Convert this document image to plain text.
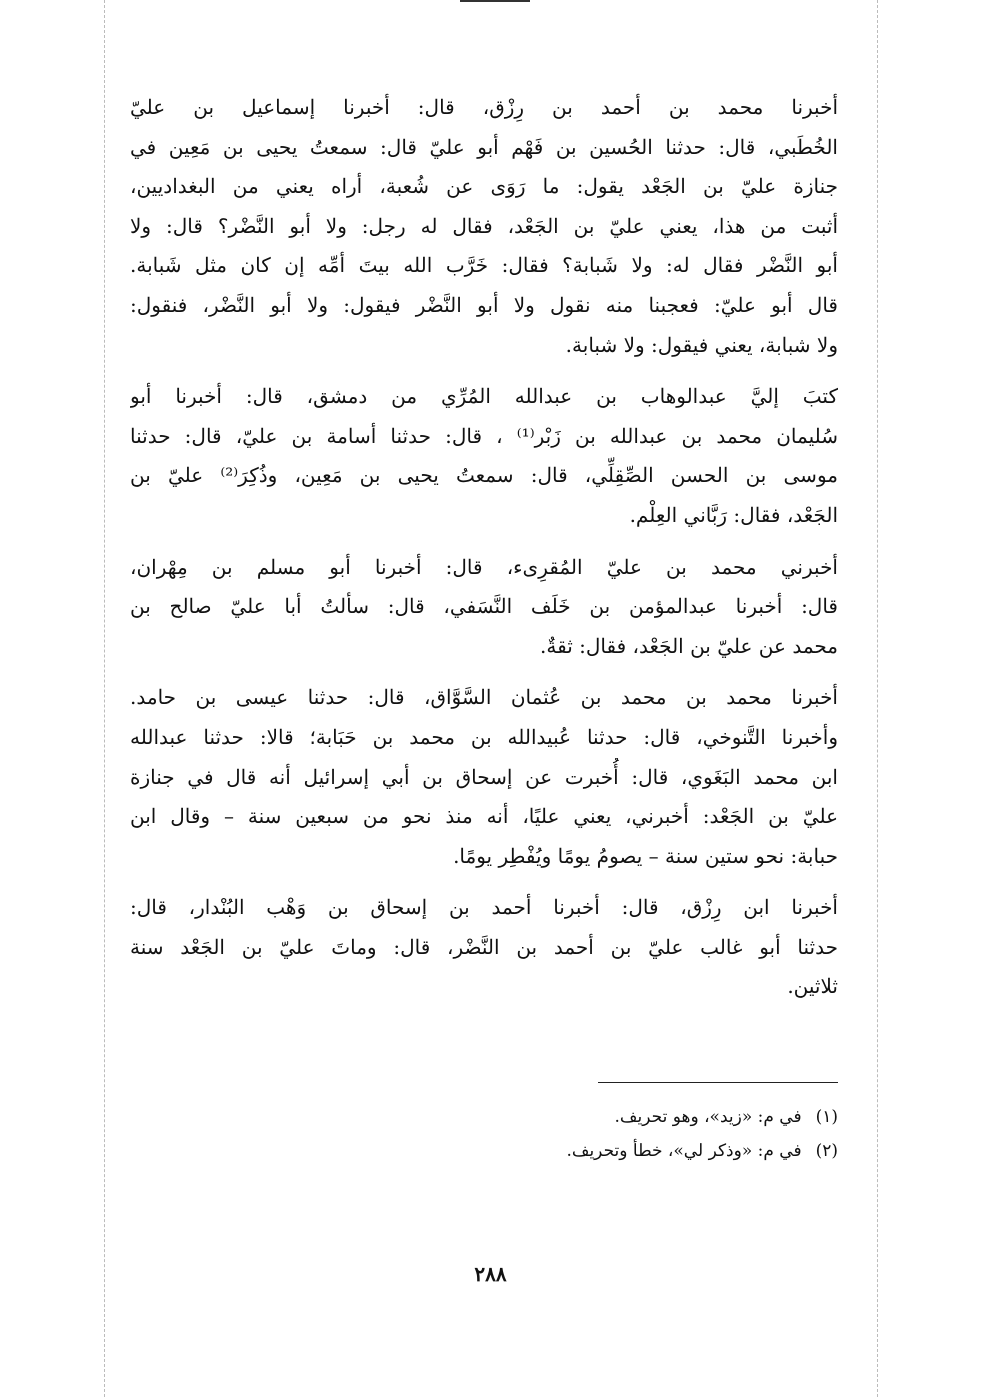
أخبرنا محمد بن أحمد بن رِزْق، قال: أخبرنا إسماعيل بن عليّ
الخُطَبي، قال: حدثنا الحُسين بن فَهْم أبو عليّ قال: سمعتُ يحيى بن مَعِين في
جنازة عليّ بن الجَعْد يقول: ما رَوَى عن شُعبة، أراه يعني من البغداديين،
أثبت من هذا، يعني عليّ بن الجَعْد، فقال له رجل: ولا أبو النَّضْر؟ قال: ولا
أبو النَّضْر فقال له: ولا شَبابة؟ فقال: خَرَّب الله بيتَ أمِّه إن كان مثل شَبابة.
قال أبو عليّ: فعجبنا منه نقول ولا أبو النَّضْر فيقول: ولا أبو النَّضْر، فنقول:
ولا شبابة، يعني فيقول: ولا شبابة.
كتبَ إليَّ عبدالوهاب بن عبدالله المُرِّي من دمشق، قال: أخبرنا أبو
سُليمان محمد بن عبدالله بن زَبْر⁽¹⁾ ، قال: حدثنا أسامة بن عليّ، قال: حدثنا
موسى بن الحسن الصِّقِلِّي، قال: سمعتُ يحيى بن مَعِين، وذُكِرَ⁽²⁾ عليّ بن
الجَعْد، فقال: رَبَّاني العِلْم.
أخبرني محمد بن عليّ المُقرِىء، قال: أخبرنا أبو مسلم بن مِهْران،
قال: أخبرنا عبدالمؤمن بن خَلَف النَّسَفي، قال: سألتُ أبا عليّ صالح بن
محمد عن عليّ بن الجَعْد، فقال: ثقةٌ.
أخبرنا محمد بن محمد بن عُثمان السَّوَّاق، قال: حدثنا عيسى بن حامد.
وأخبرنا التَّنوخي، قال: حدثنا عُبيدالله بن محمد بن حَبَابة؛ قالا: حدثنا عبدالله
ابن محمد البَغَوي، قال: أُخبرت عن إسحاق بن أبي إسرائيل أنه قال في جنازة
عليّ بن الجَعْد: أخبرني، يعني عليًا، أنه منذ نحو من سبعين سنة – وقال ابن
حبابة: نحو ستين سنة – يصومُ يومًا ويُفْطِر يومًا.
أخبرنا ابن رِزْق، قال: أخبرنا أحمد بن إسحاق بن وَهْب البُنْدار، قال:
حدثنا أبو غالب عليّ بن أحمد بن النَّضْر، قال: وماتَ عليّ بن الجَعْد سنة
ثلاثين.
(١)في م: «زيد»، وهو تحريف.
(٢)في م: «وذكر لي»، خطأ وتحريف.
٢٨٨
